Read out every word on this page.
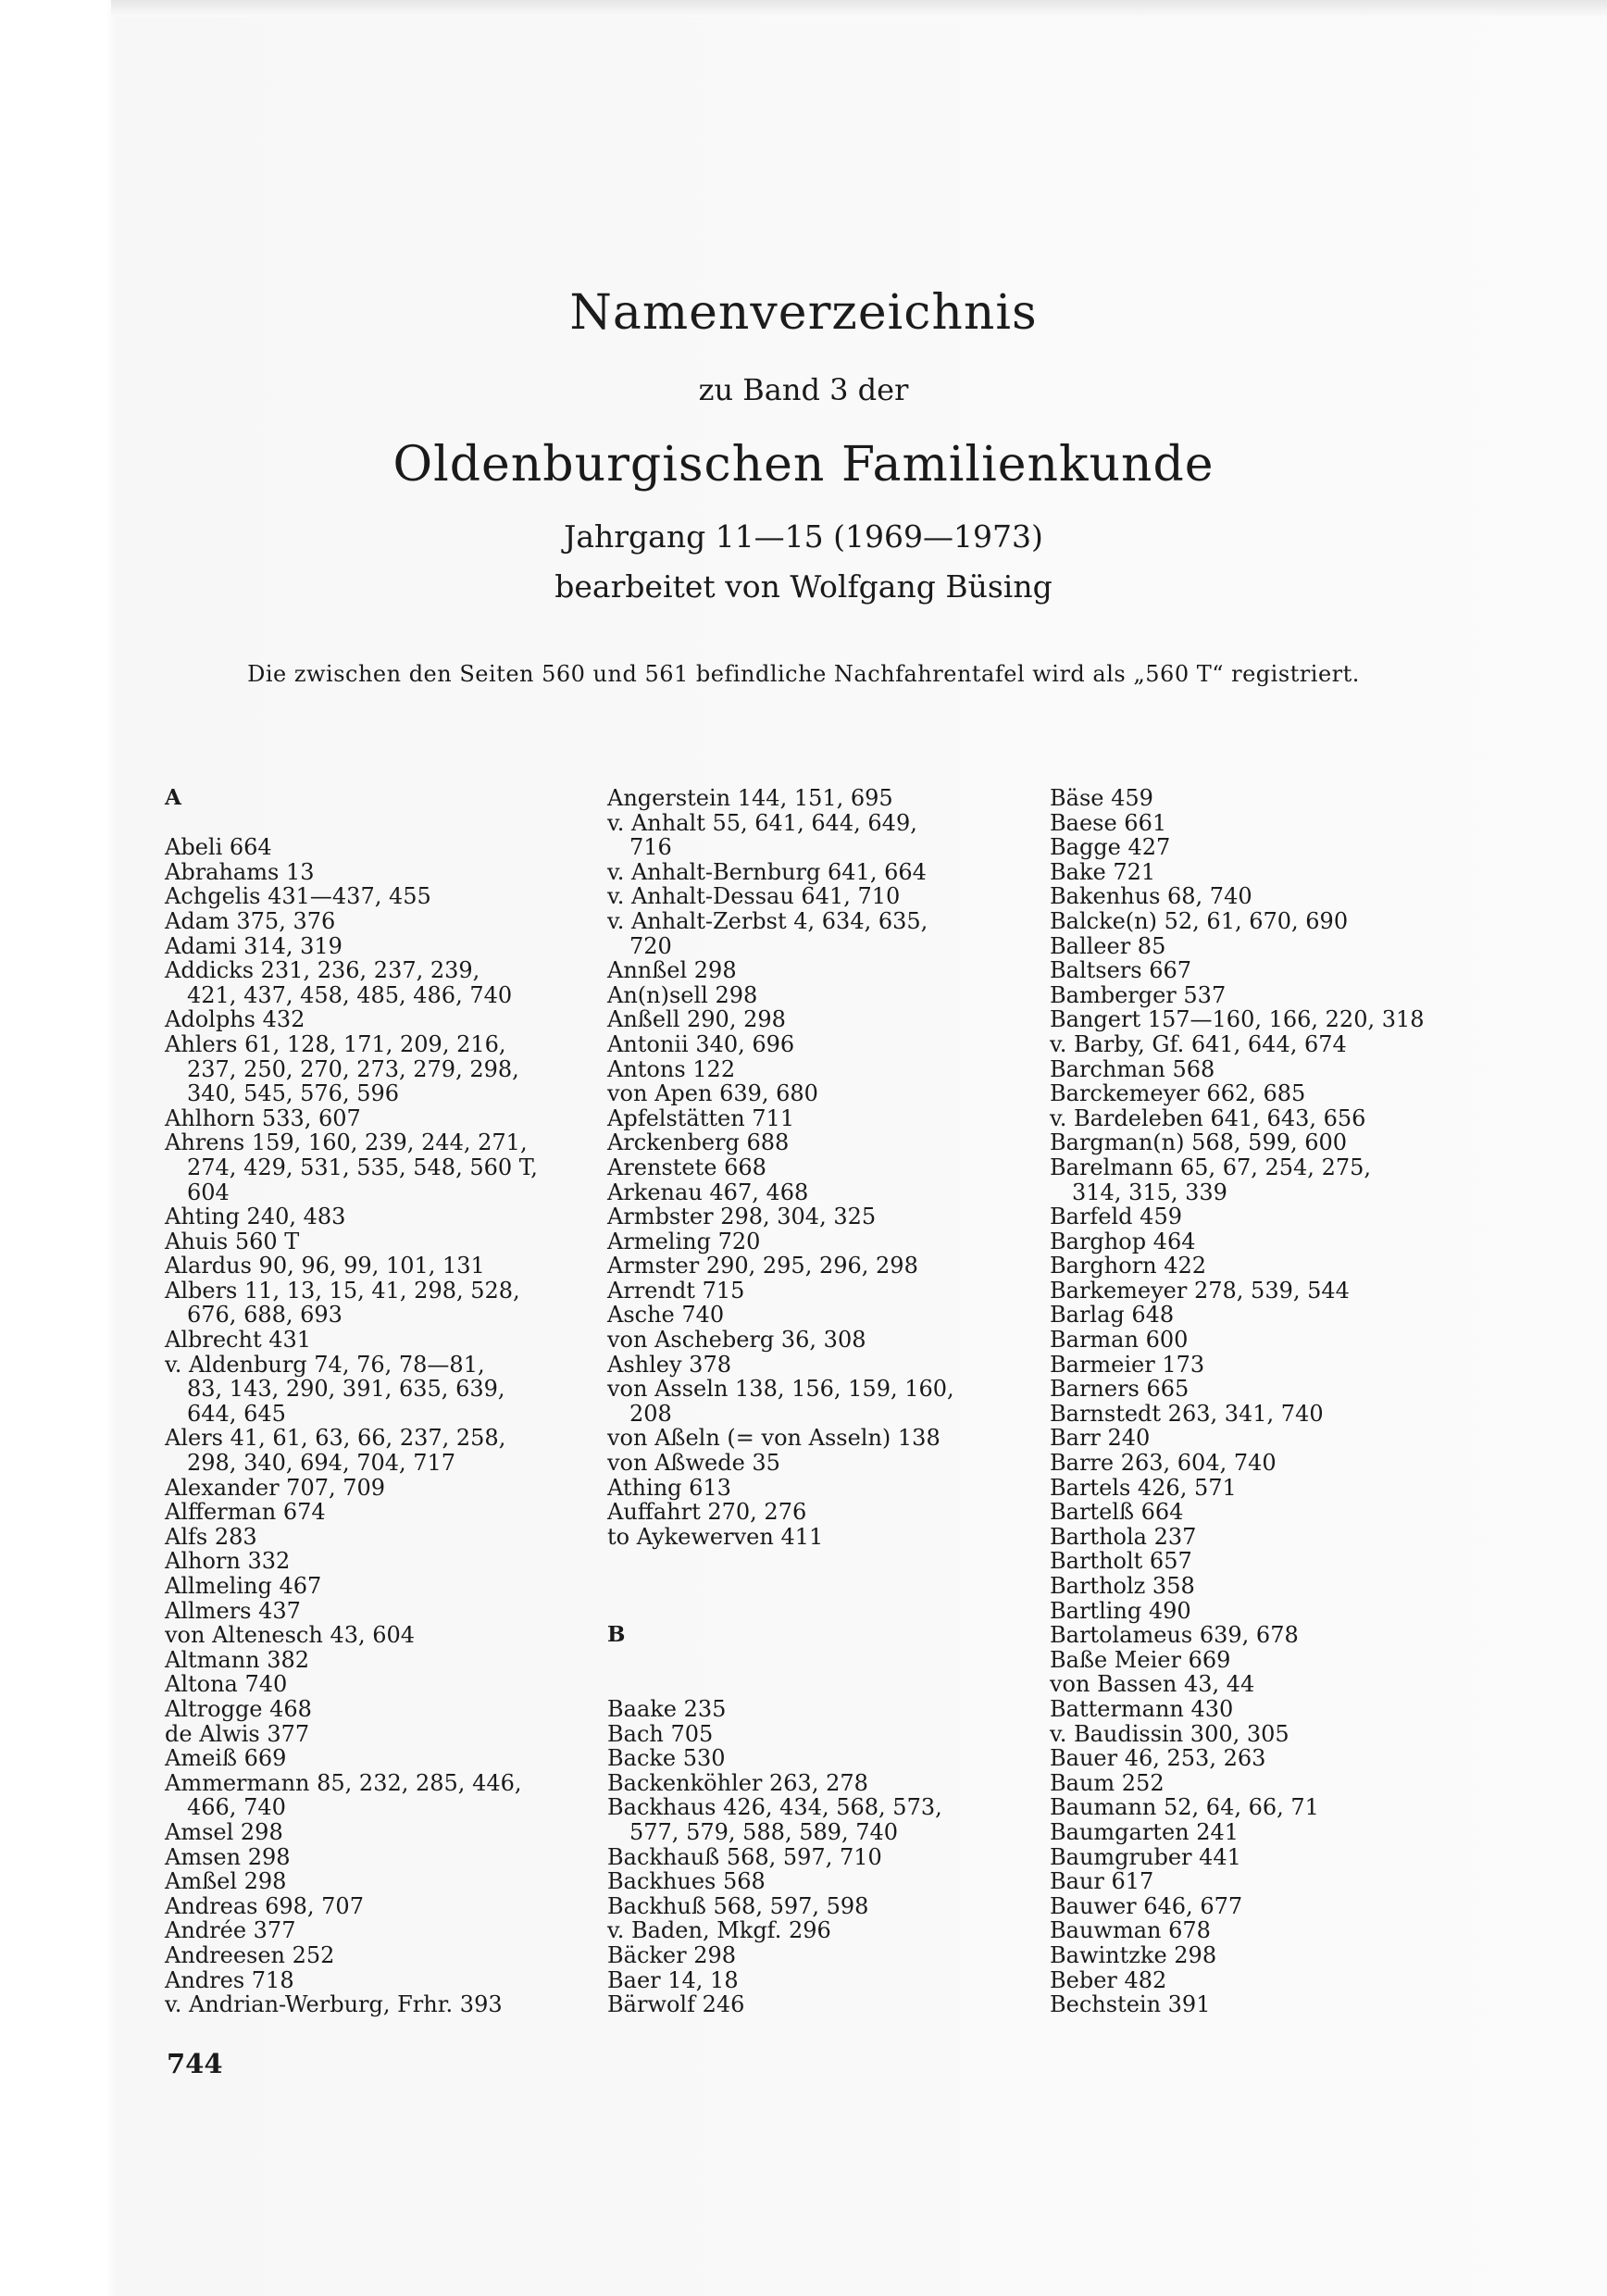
Namenverzeichnis
zu Band 3 der
Oldenburgischen Familienkunde
Jahrgang 11—15 (1969—1973)
bearbeitet von Wolfgang Büsing
Die zwischen den Seiten 560 und 561 befindliche Nachfahrentafel wird als „560 T“ registriert.
A
Abeli 664
Abrahams 13
Achgelis 431—437, 455
Adam 375, 376
Adami 314, 319
Addicks 231, 236, 237, 239,
421, 437, 458, 485, 486, 740
Adolphs 432
Ahlers 61, 128, 171, 209, 216,
237, 250, 270, 273, 279, 298,
340, 545, 576, 596
Ahlhorn 533, 607
Ahrens 159, 160, 239, 244, 271,
274, 429, 531, 535, 548, 560 T,
604
Ahting 240, 483
Ahuis 560 T
Alardus 90, 96, 99, 101, 131
Albers 11, 13, 15, 41, 298, 528,
676, 688, 693
Albrecht 431
v. Aldenburg 74, 76, 78—81,
83, 143, 290, 391, 635, 639,
644, 645
Alers 41, 61, 63, 66, 237, 258,
298, 340, 694, 704, 717
Alexander 707, 709
Alfferman 674
Alfs 283
Alhorn 332
Allmeling 467
Allmers 437
von Altenesch 43, 604
Altmann 382
Altona 740
Altrogge 468
de Alwis 377
Ameiß 669
Ammermann 85, 232, 285, 446,
466, 740
Amsel 298
Amsen 298
Amßel 298
Andreas 698, 707
Andrée 377
Andreesen 252
Andres 718
v. Andrian-Werburg, Frhr. 393
Angerstein 144, 151, 695
v. Anhalt 55, 641, 644, 649,
716
v. Anhalt-Bernburg 641, 664
v. Anhalt-Dessau 641, 710
v. Anhalt-Zerbst 4, 634, 635,
720
Annßel 298
An(n)sell 298
Anßell 290, 298
Antonii 340, 696
Antons 122
von Apen 639, 680
Apfelstätten 711
Arckenberg 688
Arenstete 668
Arkenau 467, 468
Armbster 298, 304, 325
Armeling 720
Armster 290, 295, 296, 298
Arrendt 715
Asche 740
von Ascheberg 36, 308
Ashley 378
von Asseln 138, 156, 159, 160,
208
von Aßeln (= von Asseln) 138
von Aßwede 35
Athing 613
Auffahrt 270, 276
to Aykewerven 411
B
Baake 235
Bach 705
Backe 530
Backenköhler 263, 278
Backhaus 426, 434, 568, 573,
577, 579, 588, 589, 740
Backhauß 568, 597, 710
Backhues 568
Backhuß 568, 597, 598
v. Baden, Mkgf. 296
Bäcker 298
Baer 14, 18
Bärwolf 246
Bäse 459
Baese 661
Bagge 427
Bake 721
Bakenhus 68, 740
Balcke(n) 52, 61, 670, 690
Balleer 85
Baltsers 667
Bamberger 537
Bangert 157—160, 166, 220, 318
v. Barby, Gf. 641, 644, 674
Barchman 568
Barckemeyer 662, 685
v. Bardeleben 641, 643, 656
Bargman(n) 568, 599, 600
Barelmann 65, 67, 254, 275,
314, 315, 339
Barfeld 459
Barghop 464
Barghorn 422
Barkemeyer 278, 539, 544
Barlag 648
Barman 600
Barmeier 173
Barners 665
Barnstedt 263, 341, 740
Barr 240
Barre 263, 604, 740
Bartels 426, 571
Bartelß 664
Barthola 237
Bartholt 657
Bartholz 358
Bartling 490
Bartolameus 639, 678
Baße Meier 669
von Bassen 43, 44
Battermann 430
v. Baudissin 300, 305
Bauer 46, 253, 263
Baum 252
Baumann 52, 64, 66, 71
Baumgarten 241
Baumgruber 441
Baur 617
Bauwer 646, 677
Bauwman 678
Bawintzke 298
Beber 482
Bechstein 391
744
